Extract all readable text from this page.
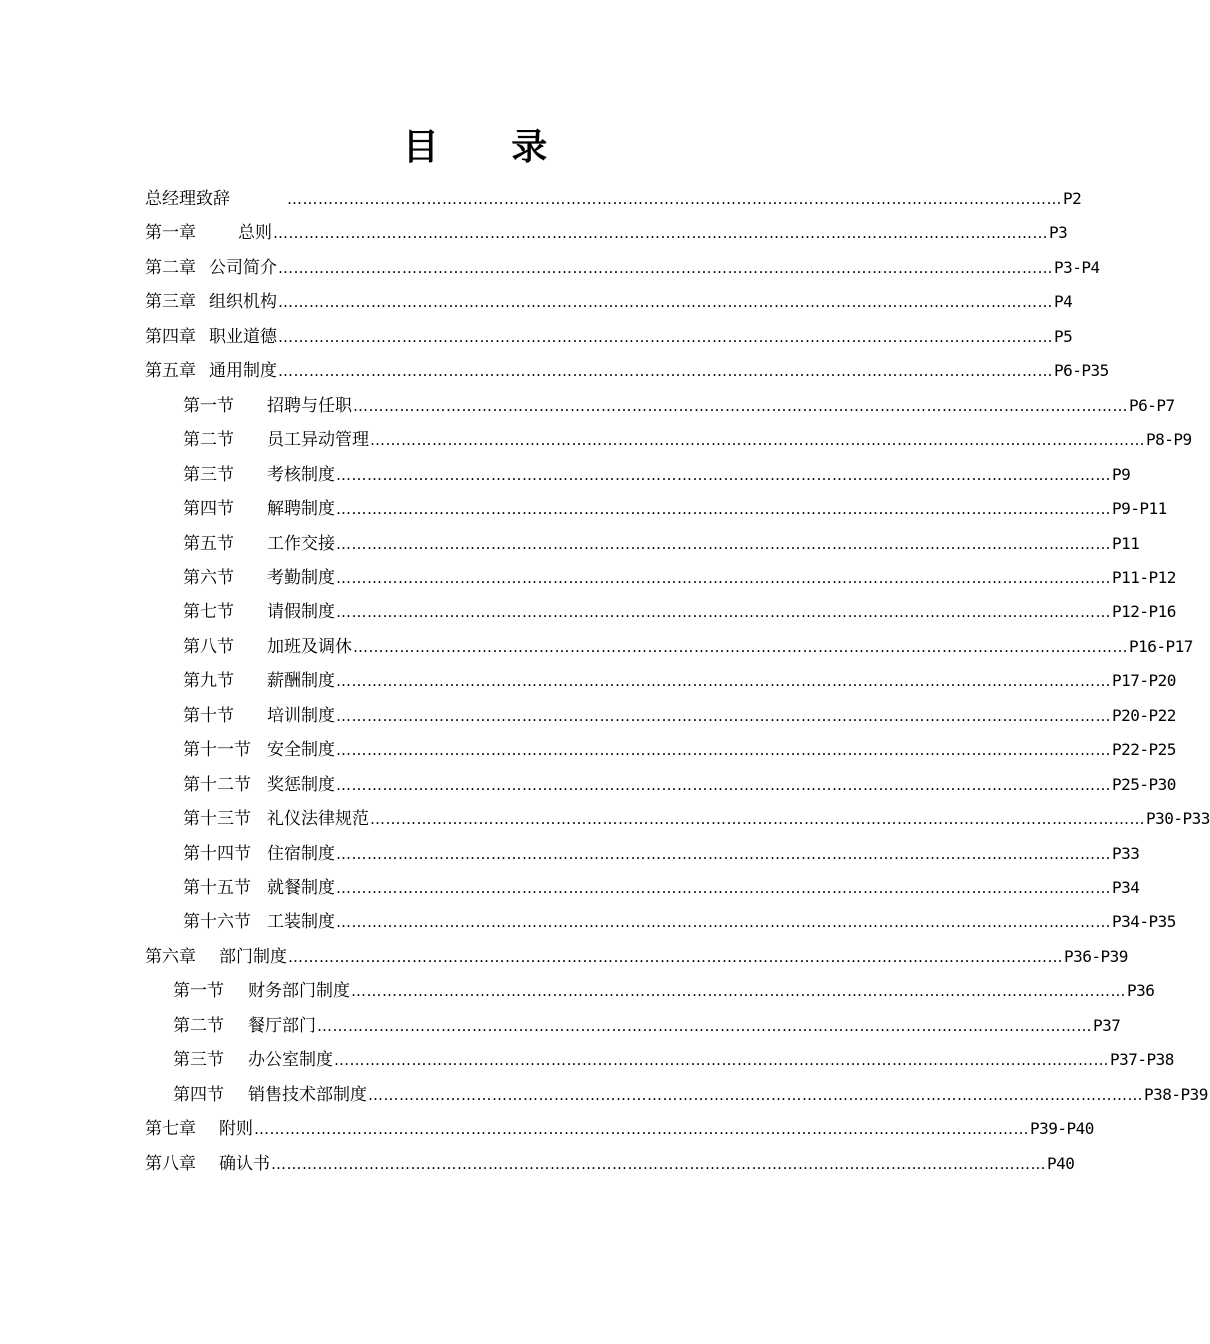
目 录
总经理致辞	…………………………………………………………………………………………………………………………………… P2
第一章 总则 …………………………………………………………………………………………………………………………………… P3
第二章 公司简介 …………………………………………………………………………………………………………………………………… P3-P4
第三章 组织机构 …………………………………………………………………………………………………………………………………… P4
第四章 职业道德 …………………………………………………………………………………………………………………………………… P5
第五章 通用制度 …………………………………………………………………………………………………………………………………… P6-P35
第一节 招聘与任职 …………………………………………………………………………………………………………………………………… P6-P7
第二节 员工异动管理 …………………………………………………………………………………………………………………………………… P8-P9
第三节 考核制度 …………………………………………………………………………………………………………………………………… P9
第四节 解聘制度 …………………………………………………………………………………………………………………………………… P9-P11
第五节 工作交接 …………………………………………………………………………………………………………………………………… P11
第六节 考勤制度 …………………………………………………………………………………………………………………………………… P11-P12
第七节 请假制度 …………………………………………………………………………………………………………………………………… P12-P16
第八节 加班及调休 …………………………………………………………………………………………………………………………………… P16-P17
第九节 薪酬制度 …………………………………………………………………………………………………………………………………… P17-P20
第十节 培训制度 …………………………………………………………………………………………………………………………………… P20-P22
第十一节 安全制度 …………………………………………………………………………………………………………………………………… P22-P25
第十二节 奖惩制度 …………………………………………………………………………………………………………………………………… P25-P30
第十三节 礼仪法律规范 …………………………………………………………………………………………………………………………………… P30-P33
第十四节 住宿制度 …………………………………………………………………………………………………………………………………… P33
第十五节 就餐制度 …………………………………………………………………………………………………………………………………… P34
第十六节 工装制度 …………………………………………………………………………………………………………………………………… P34-P35
第六章 部门制度 …………………………………………………………………………………………………………………………………… P36-P39
第一节 财务部门制度 …………………………………………………………………………………………………………………………………… P36
第二节 餐厅部门 …………………………………………………………………………………………………………………………………… P37
第三节 办公室制度 …………………………………………………………………………………………………………………………………… P37-P38
第四节 销售技术部制度 …………………………………………………………………………………………………………………………………… P38-P39
第七章 附则 …………………………………………………………………………………………………………………………………… P39-P40
第八章 确认书 …………………………………………………………………………………………………………………………………… P40
